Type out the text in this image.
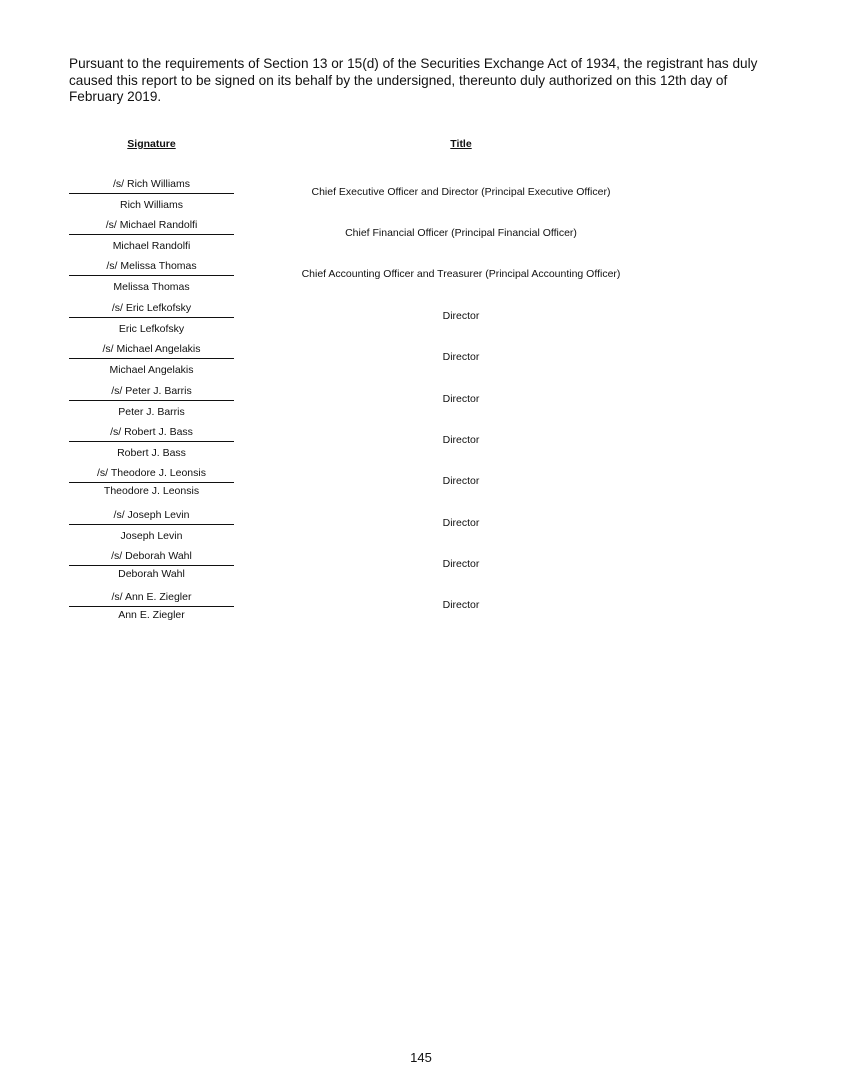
Pursuant to the requirements of Section 13 or 15(d) of the Securities Exchange Act of 1934, the registrant has duly caused this report to be signed on its behalf by the undersigned, thereunto duly authorized on this 12th day of February 2019.

Signature	Title
/s/ Rich Williams
Rich Williams
Chief Executive Officer and Director (Principal Executive Officer)
/s/ Michael Randolfi
Michael Randolfi
Chief Financial Officer (Principal Financial Officer)
/s/ Melissa Thomas
Melissa Thomas
Chief Accounting Officer and Treasurer (Principal Accounting Officer)
/s/ Eric Lefkofsky
Eric Lefkofsky
Director
/s/ Michael Angelakis
Michael Angelakis
Director
/s/ Peter J. Barris
Peter J. Barris
Director
/s/ Robert J. Bass
Robert J. Bass
Director
/s/ Theodore J. Leonsis
Theodore J. Leonsis
Director
/s/ Joseph Levin
Joseph Levin
Director
/s/ Deborah Wahl
Deborah Wahl
Director
/s/ Ann E. Ziegler
Ann E. Ziegler
Director
145
